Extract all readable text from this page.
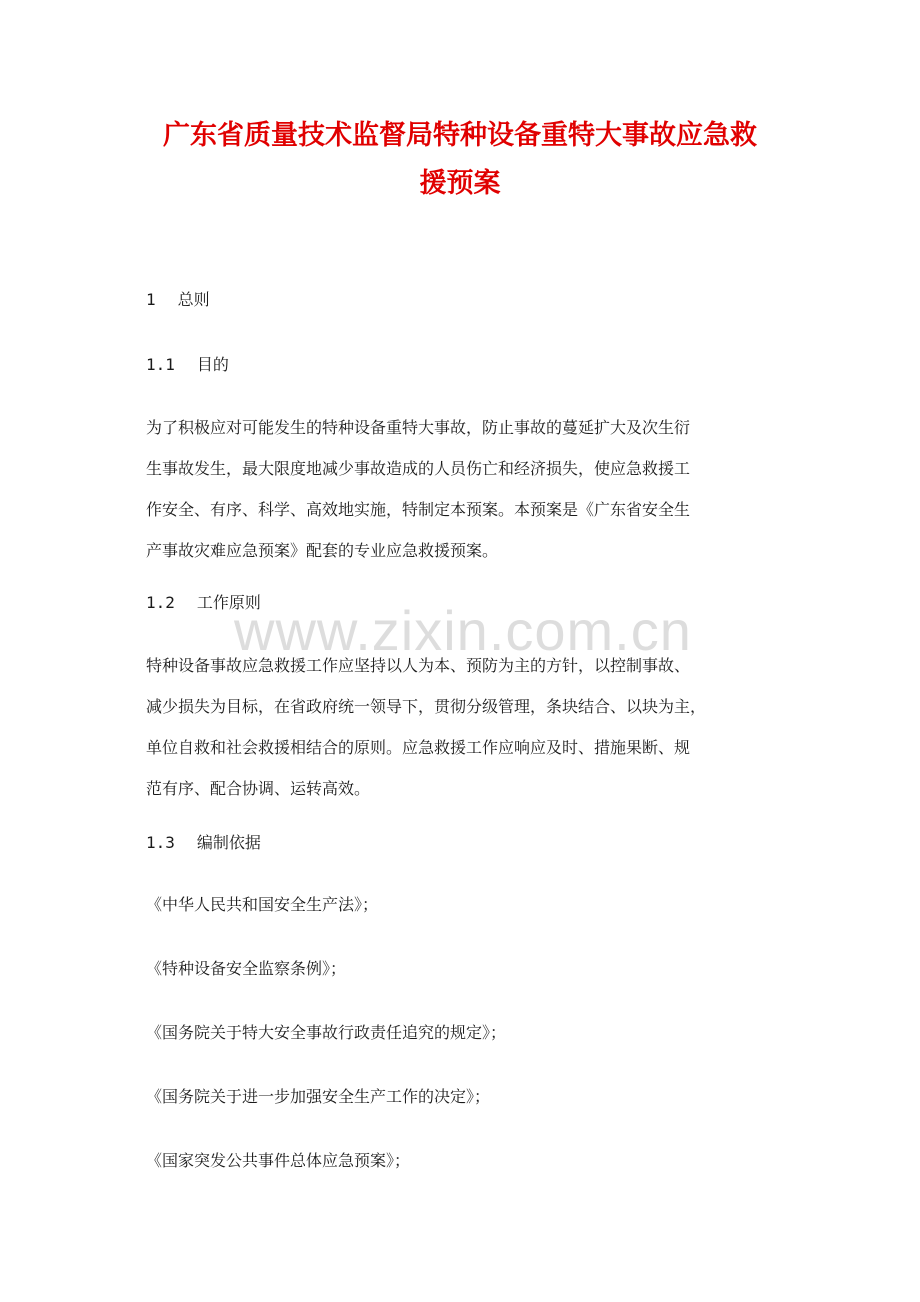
广东省质量技术监督局特种设备重特大事故应急救
援预案
1 总则
1.1 目的
为了积极应对可能发生的特种设备重特大事故，防止事故的蔓延扩大及次生衍
生事故发生，最大限度地减少事故造成的人员伤亡和经济损失，使应急救援工
作安全、有序、科学、高效地实施，特制定本预案。本预案是《广东省安全生
产事故灾难应急预案》配套的专业应急救援预案。
1.2 工作原则
特种设备事故应急救援工作应坚持以人为本、预防为主的方针，以控制事故、
减少损失为目标，在省政府统一领导下，贯彻分级管理，条块结合、以块为主，
单位自救和社会救援相结合的原则。应急救援工作应响应及时、措施果断、规
范有序、配合协调、运转高效。
1.3 编制依据
《中华人民共和国安全生产法》；
《特种设备安全监察条例》；
《国务院关于特大安全事故行政责任追究的规定》；
《国务院关于进一步加强安全生产工作的决定》；
《国家突发公共事件总体应急预案》；
www.zixin.com.cn
